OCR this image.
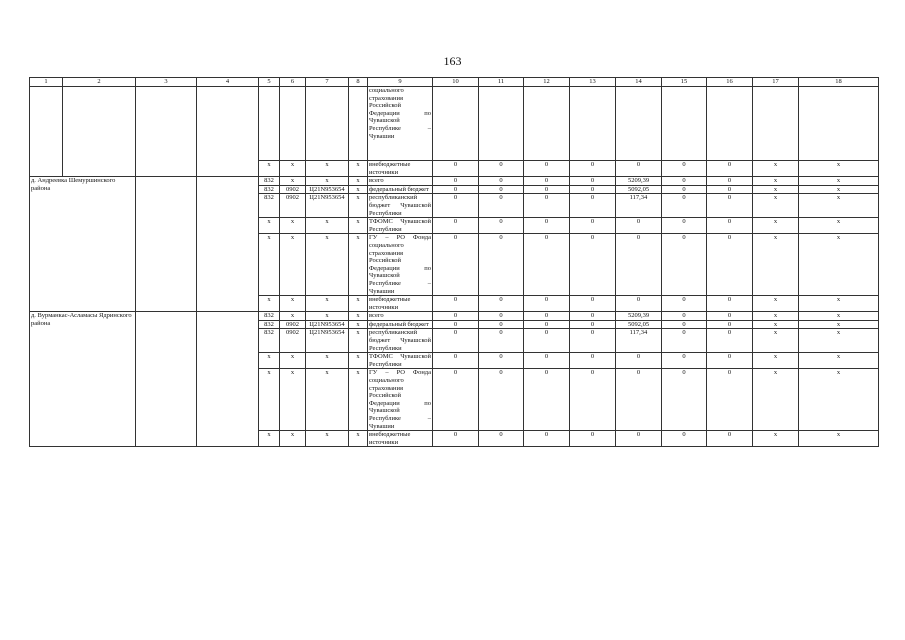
163
1	2	3	4	5	6	7	8	9	10	11	12	13	14	15	16	17	18
								социального страхования Российской Федерации по Чувашской Республике – Чувашии									
				x	x	x	x	внебюджетные источники	0	0	0	0	0	0	0	x	x
д. Андреевка Шемуршинского района				832	x	x	x	всего	0	0	0	0	5209,39	0	0	x	x
				832	0902	Ц21N953654	x	федеральный бюджет	0	0	0	0	5092,05	0	0	x	x
				832	0902	Ц21N953654	x	республиканский бюджет Чувашской Республики	0	0	0	0	117,34	0	0	x	x
				x	x	x	x	ТФОМС Чувашской Республики	0	0	0	0	0	0	0	x	x
				x	x	x	x	ГУ – РО Фонда социального страхования Российской Федерации по Чувашской Республике – Чувашии	0	0	0	0	0	0	0	x	x
				x	x	x	x	внебюджетные источники	0	0	0	0	0	0	0	x	x
д. Вурманкас-Асламасы Ядринского района				832	x	x	x	всего	0	0	0	0	5209,39	0	0	x	x
				832	0902	Ц21N953654	x	федеральный бюджет	0	0	0	0	5092,05	0	0	x	x
				832	0902	Ц21N953654	x	республиканский бюджет Чувашской Республики	0	0	0	0	117,34	0	0	x	x
				x	x	x	x	ТФОМС Чувашской Республики	0	0	0	0	0	0	0	x	x
				x	x	x	x	ГУ – РО Фонда социального страхования Российской Федерации по Чувашской Республике – Чувашии	0	0	0	0	0	0	0	x	x
				x	x	x	x	внебюджетные источники	0	0	0	0	0	0	0	x	x
